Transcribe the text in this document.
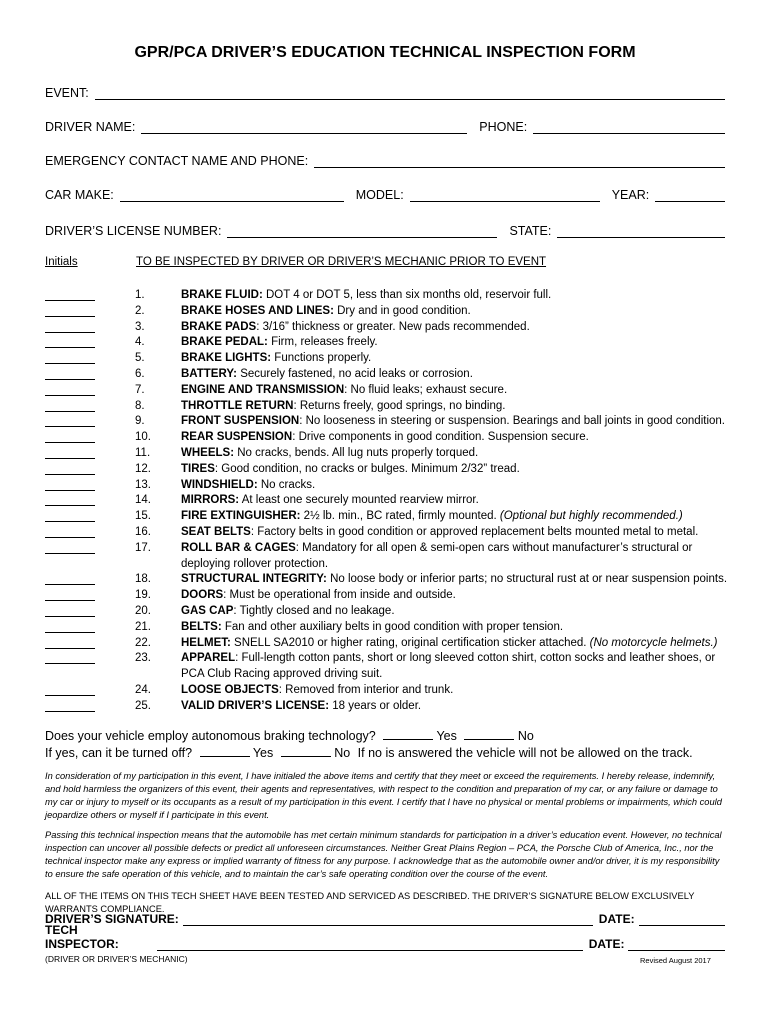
GPR/PCA DRIVER’S EDUCATION TECHNICAL INSPECTION FORM
EVENT:
DRIVER NAME:	PHONE:
EMERGENCY CONTACT NAME AND PHONE:
CAR MAKE:	MODEL:	YEAR:
DRIVER’S LICENSE NUMBER:	STATE:
Initials	TO BE INSPECTED BY DRIVER OR DRIVER’S MECHANIC PRIOR TO EVENT
1.	BRAKE FLUID: DOT 4 or DOT 5, less than six months old, reservoir full.
2.	BRAKE HOSES AND LINES: Dry and in good condition.
3.	BRAKE PADS: 3/16” thickness or greater. New pads recommended.
4.	BRAKE PEDAL: Firm, releases freely.
5.	BRAKE LIGHTS: Functions properly.
6.	BATTERY: Securely fastened, no acid leaks or corrosion.
7.	ENGINE AND TRANSMISSION: No fluid leaks; exhaust secure.
8.	THROTTLE RETURN: Returns freely, good springs, no binding.
9.	FRONT SUSPENSION: No looseness in steering or suspension. Bearings and ball joints in good condition.
10.	REAR SUSPENSION: Drive components in good condition. Suspension secure.
11.	WHEELS: No cracks, bends. All lug nuts properly torqued.
12.	TIRES: Good condition, no cracks or bulges. Minimum 2/32” tread.
13.	WINDSHIELD: No cracks.
14.	MIRRORS: At least one securely mounted rearview mirror.
15.	FIRE EXTINGUISHER: 2½ lb. min., BC rated, firmly mounted. (Optional but highly recommended.)
16.	SEAT BELTS: Factory belts in good condition or approved replacement belts mounted metal to metal.
17.	ROLL BAR & CAGES: Mandatory for all open & semi-open cars without manufacturer’s structural or deploying rollover protection.
18.	STRUCTURAL INTEGRITY: No loose body or inferior parts; no structural rust at or near suspension points.
19.	DOORS: Must be operational from inside and outside.
20.	GAS CAP: Tightly closed and no leakage.
21.	BELTS: Fan and other auxiliary belts in good condition with proper tension.
22.	HELMET: SNELL SA2010 or higher rating, original certification sticker attached. (No motorcycle helmets.)
23.	APPAREL: Full-length cotton pants, short or long sleeved cotton shirt, cotton socks and leather shoes, or PCA Club Racing approved driving suit.
24.	LOOSE OBJECTS: Removed from interior and trunk.
25.	VALID DRIVER’S LICENSE: 18 years or older.
Does your vehicle employ autonomous braking technology?	Yes	No
If yes, can it be turned off?	Yes	No If no is answered the vehicle will not be allowed on the track.
In consideration of my participation in this event, I have initialed the above items and certify that they meet or exceed the requirements. I hereby release, indemnify, and hold harmless the organizers of this event, their agents and representatives, with respect to the condition and preparation of my car, or any failure or damage to my car or injury to myself or its occupants as a result of my participation in this event. I certify that I have no physical or mental problems or impairments, which could jeopardize others or myself if I participate in this event.
Passing this technical inspection means that the automobile has met certain minimum standards for participation in a driver’s education event. However, no technical inspection can uncover all possible defects or predict all unforeseen circumstances. Neither Great Plains Region – PCA, the Porsche Club of America, Inc., nor the technical inspector make any express or implied warranty of fitness for any purpose. I acknowledge that as the automobile owner and/or driver, it is my responsibility to ensure the safe operation of this vehicle, and to maintain the car’s safe operating condition over the course of the event.
ALL OF THE ITEMS ON THIS TECH SHEET HAVE BEEN TESTED AND SERVICED AS DESCRIBED. THE DRIVER’S SIGNATURE BELOW EXCLUSIVELY WARRANTS COMPLIANCE.
DRIVER’S SIGNATURE:	DATE:
TECH INSPECTOR:	DATE:
(DRIVER OR DRIVER’S MECHANIC)	Revised August 2017
